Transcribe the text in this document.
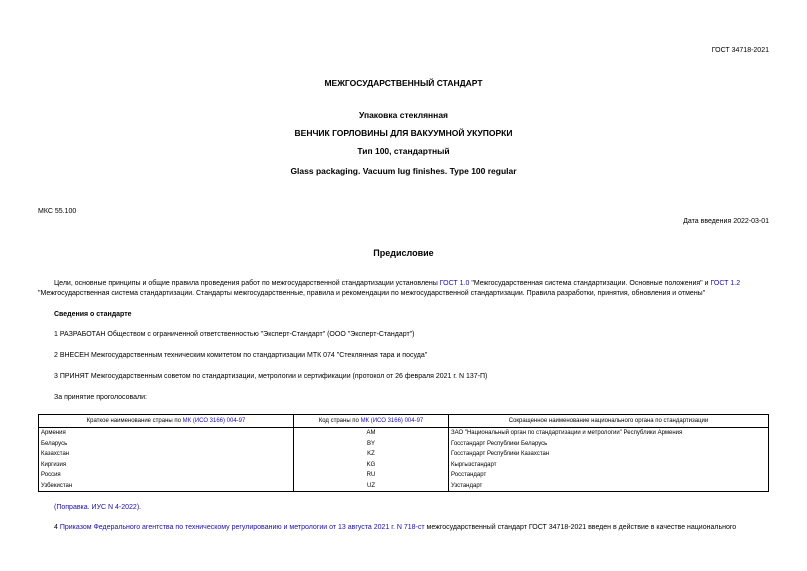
ГОСТ 34718-2021
МЕЖГОСУДАРСТВЕННЫЙ СТАНДАРТ
Упаковка стеклянная
ВЕНЧИК ГОРЛОВИНЫ ДЛЯ ВАКУУМНОЙ УКУПОРКИ
Тип 100, стандартный
Glass packaging. Vacuum lug finishes. Type 100 regular
МКС 55.100
Дата введения 2022-03-01
Предисловие
Цели, основные принципы и общие правила проведения работ по межгосударственной стандартизации установлены ГОСТ 1.0 "Межгосударственная система стандартизации. Основные положения" и ГОСТ 1.2 "Межгосударственная система стандартизации. Стандарты межгосударственные, правила и рекомендации по межгосударственной стандартизации. Правила разработки, принятия, обновления и отмены"
Сведения о стандарте
1 РАЗРАБОТАН Обществом с ограниченной ответственностью "Эксперт-Стандарт" (ООО "Эксперт-Стандарт")
2 ВНЕСЕН Межгосударственным техническим комитетом по стандартизации МТК 074 "Стеклянная тара и посуда"
3 ПРИНЯТ Межгосударственным советом по стандартизации, метрологии и сертификации (протокол от 26 февраля 2021 г. N 137-П)
За принятие проголосовали:
Краткое наименование страны по МК (ИСО 3166) 004-97	Код страны по МК (ИСО 3166) 004-97	Сокращенное наименование национального органа по стандартизации
Армения	AM	ЗАО "Национальный орган по стандартизации и метрологии" Республики Армения
Беларусь	BY	Госстандарт Республики Беларусь
Казахстан	KZ	Госстандарт Республики Казахстан
Киргизия	KG	Кыргызстандарт
Россия	RU	Росстандарт
Узбекистан	UZ	Узстандарт
(Поправка. ИУС N 4-2022).
4 Приказом Федерального агентства по техническому регулированию и метрологии от 13 августа 2021 г. N 718-ст межгосударственный стандарт ГОСТ 34718-2021 введен в действие в качестве национального
